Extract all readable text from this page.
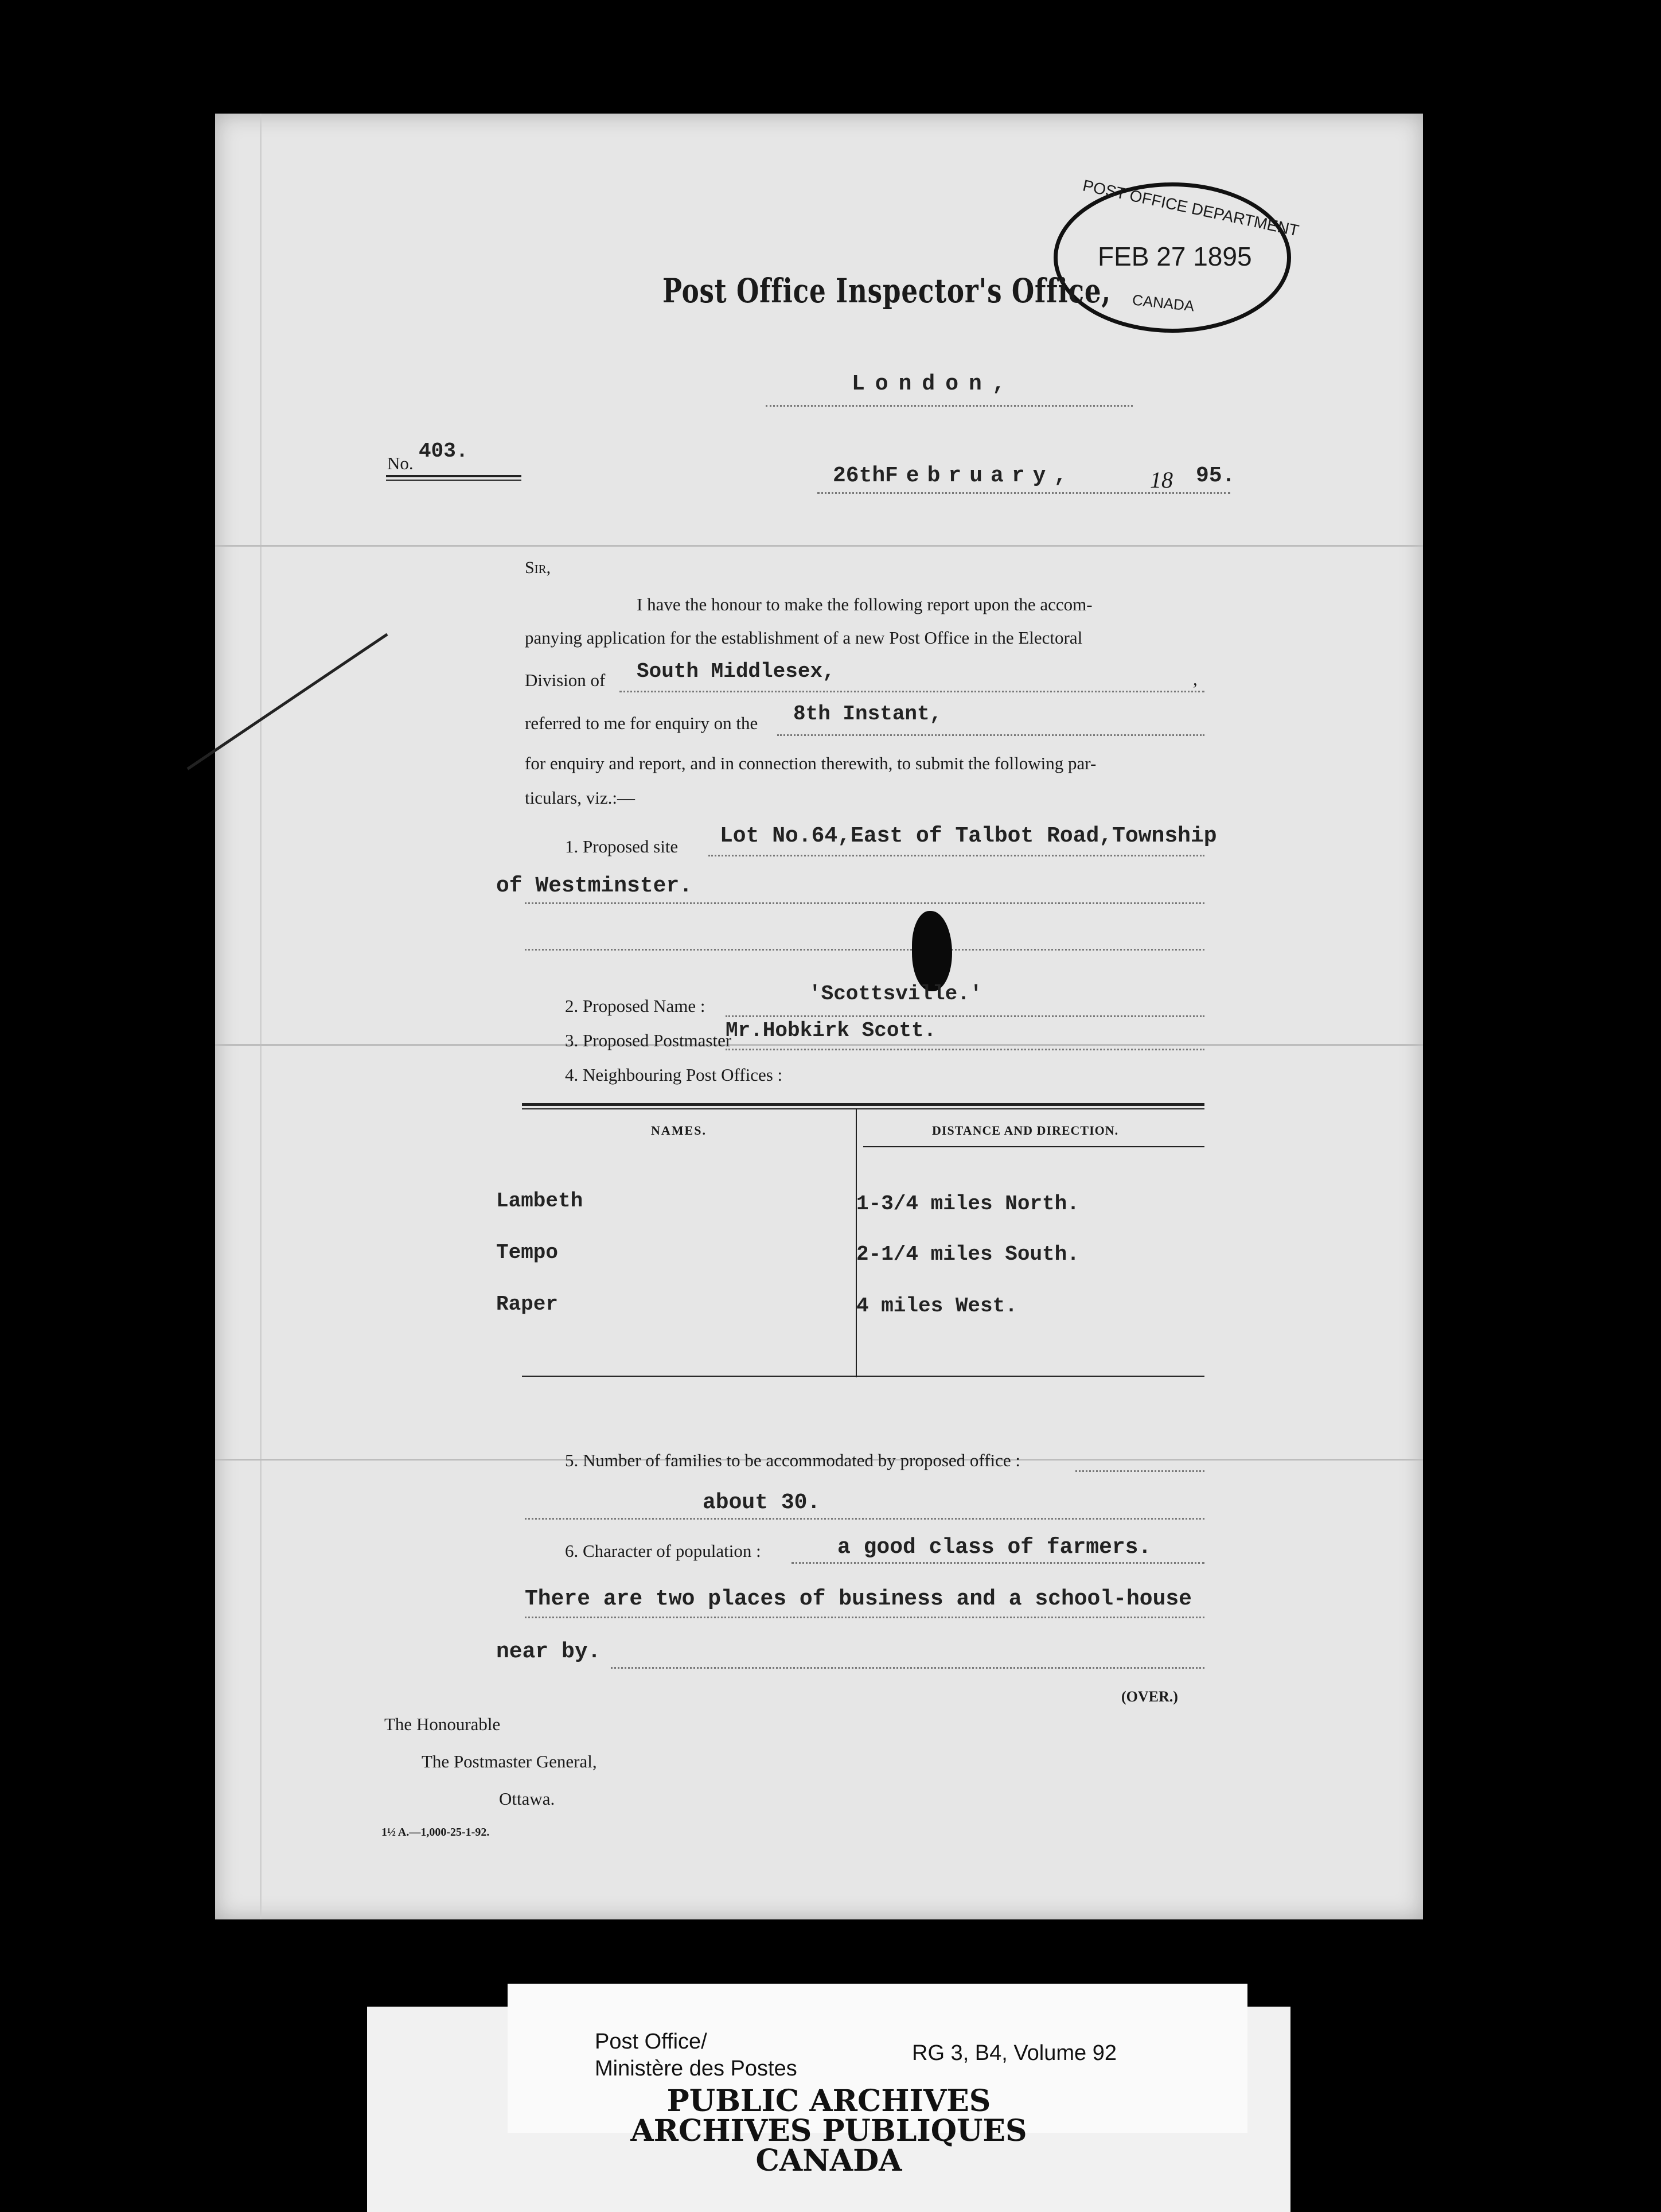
POST OFFICE DEPARTMENT
FEB 27 1895
CANADA
Post Office Inspector's Office,
London,
No.
403.
26th February,	18 95.
Sir,
I have the honour to make the following report upon the accom-
panying application for the establishment of a new Post Office in the Electoral
Division of South Middlesex,	,
referred to me for enquiry on the 8th Instant,
for enquiry and report, and in connection therewith, to submit the following par-
ticulars, viz.:—
1. Proposed site Lot No.64,East of Talbot Road,Township
of Westminster.
2. Proposed Name :
'Scottsville.'
3. Proposed Postmaster
Mr.Hobkirk Scott.
4. Neighbouring Post Offices :
NAMES.	DISTANCE AND DIRECTION.
Lambeth	1-3/4 miles North.
Tempo	2-1/4 miles South.
Raper	4 miles West.
5. Number of families to be accommodated by proposed office :
about 30.
6. Character of population :	a good class of farmers.
There are two places of business and a school-house
near by.
(OVER.)
The Honourable
The Postmaster General,
Ottawa.
1½ A.—1,000-25-1-92.
Post Office/
Ministère des Postes
RG 3, B4, Volume 92
PUBLIC ARCHIVES
ARCHIVES PUBLIQUES
CANADA
